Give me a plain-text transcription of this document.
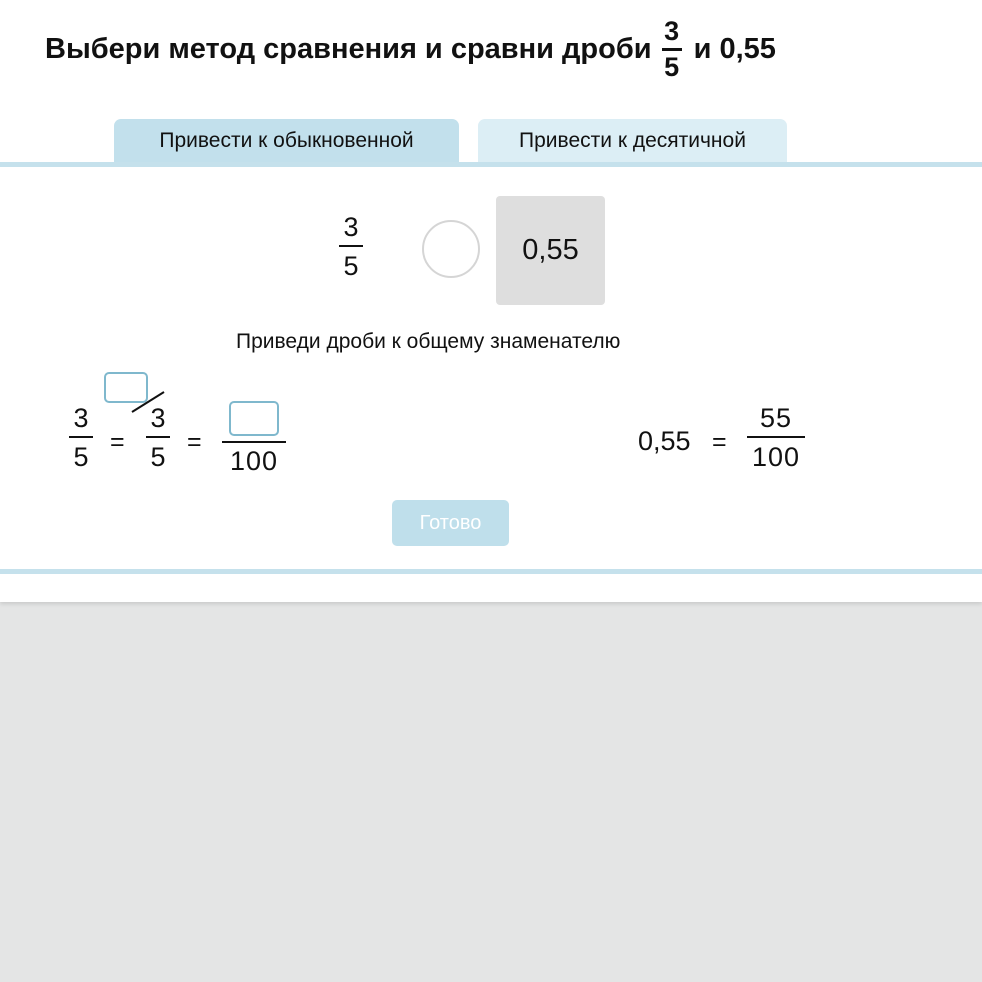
Выбери метод сравнения и сравни дроби $\frac{3}{5}$ и
0,55
Привести к обыкновенной	Привести к десятичной
3
5	0,55
Приведи дроби к общему знаменателю
3
5 =
3
5 =
100
0,55 =
55
100
Готово
